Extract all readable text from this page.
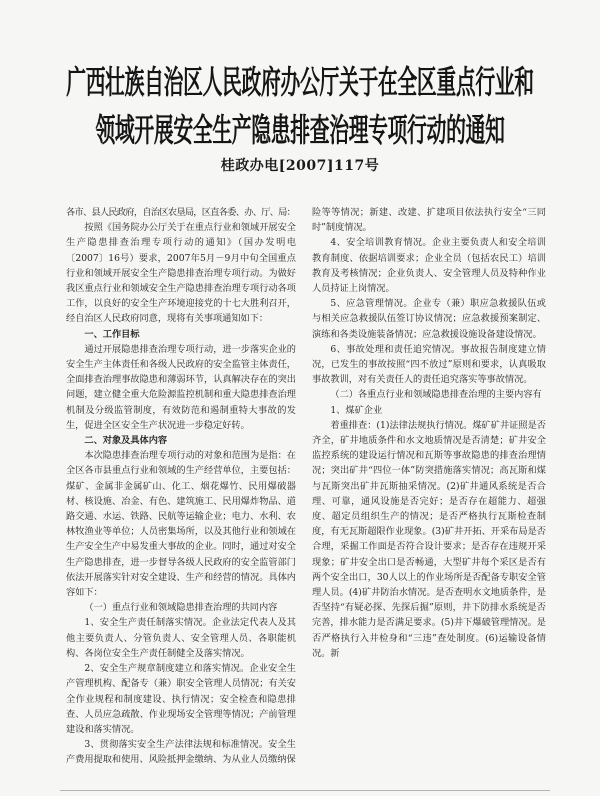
广西壮族自治区人民政府办公厅关于在全区重点行业和
领域开展安全生产隐患排查治理专项行动的通知
桂政办电[2007]117号

各市、县人民政府，自治区农垦局，区直各委、办、厅、局：

按照《国务院办公厅关于在重点行业和领域开展安全生产隐患排查治理专项行动的通知》（国办发明电〔2007〕16号）要求，2007年5月－9月中旬全国重点行业和领域开展安全生产隐患排查治理专项行动。为做好我区重点行业和领域安全生产隐患排查治理专项行动各项工作，以良好的安全生产环境迎接党的十七大胜利召开，经自治区人民政府同意，现将有关事项通知如下：

一、工作目标

通过开展隐患排查治理专项行动，进一步落实企业的安全生产主体责任和各级人民政府的安全监管主体责任，全面排查治理事故隐患和薄弱环节，认真解决存在的突出问题，建立健全重大危险源监控机制和重大隐患排查治理机制及分级监管制度，有效防范和遏制重特大事故的发生，促进全区安全生产状况进一步稳定好转。

二、对象及具体内容

本次隐患排查治理专项行动的对象和范围为是指：在全区各市县重点行业和领域的生产经营单位，主要包括：煤矿、金属非金属矿山、化工、烟花爆竹、民用爆破器材、核设施、冶金、有色、建筑施工、民用爆炸物品、道路交通、水运、铁路、民航等运输企业；电力、水利、农林牧渔业等单位；人员密集场所，以及其他行业和领域在生产安全生产中易发重大事故的企业。同时，通过对安全生产隐患排查，进一步督导各级人民政府的安全监管部门依法开展落实针对安全建设、生产和经营的情况。具体内容如下：

（一）重点行业和领域隐患排查治理的共同内容

1、安全生产责任制落实情况。企业法定代表人及其他主要负责人、分管负责人、安全管理人员、各职能机构、各岗位安全生产责任制健全及落实情况。

2、安全生产规章制度建立和落实情况。企业安全生产管理机构、配备专（兼）职安全管理人员情况；有关安全作业规程和制度建设、执行情况；安全检查和隐患排查、人员应急疏散、作业现场安全管理等情况；产前管理建设和落实情况。

3、贯彻落实安全生产法律法规和标准情况。安全生产费用提取和使用、风险抵押金缴纳、为从业人员缴纳保

险等等情况；新建、改建、扩建项目依法执行安全“三同时”制度情况。

4、安全培训教育情况。企业主要负责人和安全培训教育制度、依据培训要求；企业全员（包括农民工）培训教育及考核情况；企业负责人、安全管理人员及特种作业人员持证上岗情况。

5、应急管理情况。企业专（兼）职应急救援队伍或与相关应急救援队伍签订协议情况；应急救援预案制定、演练和各类设施装备情况；应急救援设施设备建设情况。

6、事故处理和责任追究情况。事故报告制度建立情况，已发生的事故按照“四不放过”原则和要求，认真吸取事故教训，对有关责任人的责任追究落实等事故情况。

（二）各重点行业和领域隐患排查治理的主要内容有

1、煤矿企业

着重排查：(1)法律法规执行情况。煤矿矿井证照是否齐全，矿井地质条件和水文地质情况是否清楚；矿井安全监控系统的建设运行情况和瓦斯等事故隐患的排查治理情况；突出矿井“四位一体”防突措施落实情况；高瓦斯和煤与瓦斯突出矿井瓦斯抽采情况。(2)矿井通风系统是否合理、可靠，通风设施是否完好；是否存在超能力、超强度、超定员组织生产的情况；是否严格执行瓦斯检查制度，有无瓦斯超限作业现象。(3)矿井开拓、开采布局是否合理，采掘工作面是否符合设计要求；是否存在违规开采现象；矿井安全出口是否畅通，大型矿井每个采区是否有两个安全出口，30人以上的作业场所是否配备专职安全管理人员。(4)矿井防治水情况。是否查明水文地质条件，是否坚持“有疑必探、先探后掘”原则，井下防排水系统是否完善，排水能力是否满足要求。(5)井下爆破管理情况。是否严格执行入井检身和“三违”查处制度。(6)运输设备情况。新
